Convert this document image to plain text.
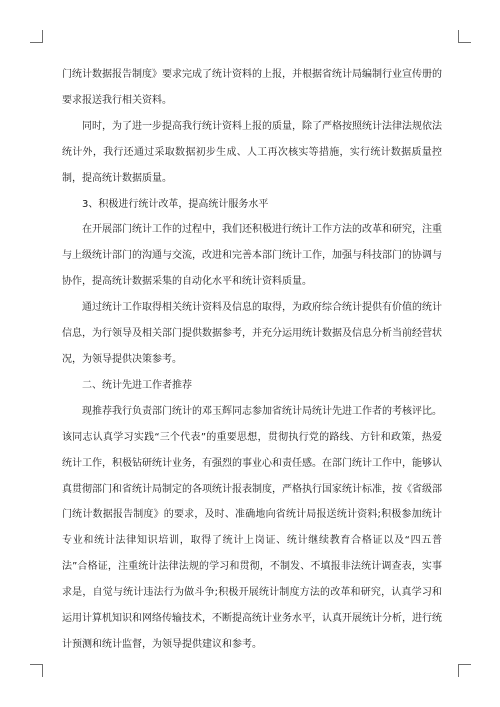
门统计数据报告制度》要求完成了统计资料的上报，并根据省统计局编制行业宣传册的要求报送我行相关资料。

同时，为了进一步提高我行统计资料上报的质量，除了严格按照统计法律法规依法统计外，我行还通过采取数据初步生成、人工再次核实等措施，实行统计数据质量控制，提高统计数据质量。

3、积极进行统计改革，提高统计服务水平

在开展部门统计工作的过程中，我们还积极进行统计工作方法的改革和研究，注重与上级统计部门的沟通与交流，改进和完善本部门统计工作，加强与科技部门的协调与协作，提高统计数据采集的自动化水平和统计资料质量。

通过统计工作取得相关统计资料及信息的取得，为政府综合统计提供有价值的统计信息，为行领导及相关部门提供数据参考，并充分运用统计数据及信息分析当前经营状况，为领导提供决策参考。

二、统计先进工作者推荐

现推荐我行负责部门统计的邓玉辉同志参加省统计局统计先进工作者的考核评比。该同志认真学习实践“三个代表”的重要思想，贯彻执行党的路线、方针和政策，热爱统计工作，积极钻研统计业务，有强烈的事业心和责任感。在部门统计工作中，能够认真贯彻部门和省统计局制定的各项统计报表制度，严格执行国家统计标准，按《省级部门统计数据报告制度》的要求，及时、准确地向省统计局报送统计资料;积极参加统计专业和统计法律知识培训，取得了统计上岗证、统计继续教育合格证以及“四五普法”合格证，注重统计法律法规的学习和贯彻，不制发、不填报非法统计调查表，实事求是，自觉与统计违法行为做斗争;积极开展统计制度方法的改革和研究，认真学习和运用计算机知识和网络传输技术，不断提高统计业务水平，认真开展统计分析，进行统计预测和统计监督，为领导提供建议和参考。
